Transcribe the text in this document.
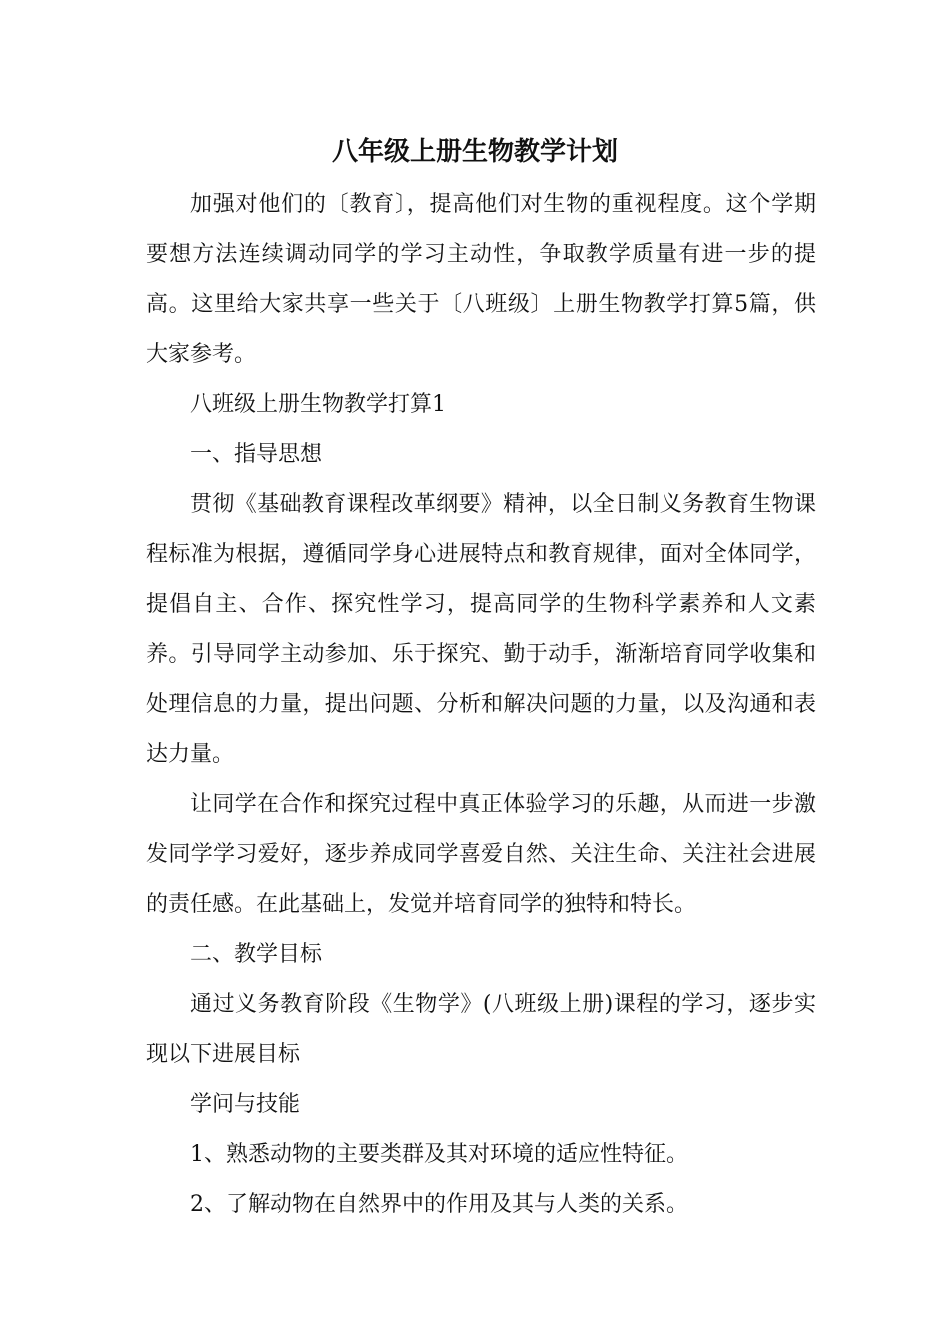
八年级上册生物教学计划

加强对他们的〔教育〕，提高他们对生物的重视程度。这个学期要想方法连续调动同学的学习主动性，争取教学质量有进一步的提高。这里给大家共享一些关于〔八班级〕上册生物教学打算5篇，供大家参考。

八班级上册生物教学打算1

一、指导思想

贯彻《基础教育课程改革纲要》精神，以全日制义务教育生物课程标准为根据，遵循同学身心进展特点和教育规律，面对全体同学，提倡自主、合作、探究性学习，提高同学的生物科学素养和人文素养。引导同学主动参加、乐于探究、勤于动手，渐渐培育同学收集和处理信息的力量，提出问题、分析和解决问题的力量，以及沟通和表达力量。

让同学在合作和探究过程中真正体验学习的乐趣，从而进一步激发同学学习爱好，逐步养成同学喜爱自然、关注生命、关注社会进展的责任感。在此基础上，发觉并培育同学的独特和特长。

二、教学目标

通过义务教育阶段《生物学》(八班级上册)课程的学习，逐步实现以下进展目标

学问与技能

1、熟悉动物的主要类群及其对环境的适应性特征。

2、了解动物在自然界中的作用及其与人类的关系。
